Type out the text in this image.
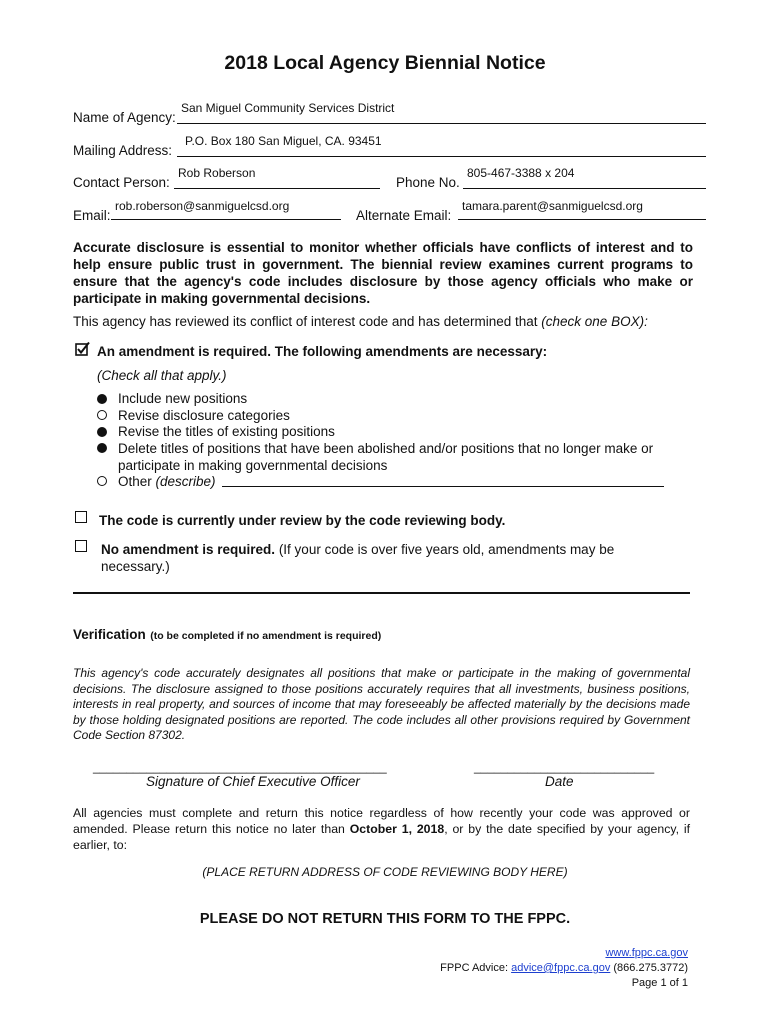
2018 Local Agency Biennial Notice
Name of Agency:
San Miguel Community Services District
Mailing Address:
P.O. Box 180 San Miguel, CA. 93451
Contact Person:
Rob Roberson
Phone No.
805-467-3388 x 204
Email:
rob.roberson@sanmiguelcsd.org
Alternate Email:
tamara.parent@sanmiguelcsd.org
Accurate disclosure is essential to monitor whether officials have conflicts of interest and to help ensure public trust in government. The biennial review examines current programs to ensure that the agency's code includes disclosure by those agency officials who make or participate in making governmental decisions.
This agency has reviewed its conflict of interest code and has determined that (check one BOX):
An amendment is required. The following amendments are necessary:
(Check all that apply.)
Include new positions
Revise disclosure categories
Revise the titles of existing positions
Delete titles of positions that have been abolished and/or positions that no longer make or
participate in making governmental decisions
Other (describe)
The code is currently under review by the code reviewing body.
No amendment is required. (If your code is over five years old, amendments may be
necessary.)
Verification (to be completed if no amendment is required)
This agency's code accurately designates all positions that make or participate in the making of governmental decisions. The disclosure assigned to those positions accurately requires that all investments, business positions, interests in real property, and sources of income that may foreseeably be affected materially by the decisions made by those holding designated positions are reported. The code includes all other provisions required by Government Code Section 87302.
____________________________________________
Signature of Chief Executive Officer
___________________________
Date
All agencies must complete and return this notice regardless of how recently your code was approved or amended. Please return this notice no later than October 1, 2018, or by the date specified by your agency, if earlier, to:
(PLACE RETURN ADDRESS OF CODE REVIEWING BODY HERE)
PLEASE DO NOT RETURN THIS FORM TO THE FPPC.
www.fppc.ca.gov
FPPC Advice: advice@fppc.ca.gov (866.275.3772)
Page 1 of 1
